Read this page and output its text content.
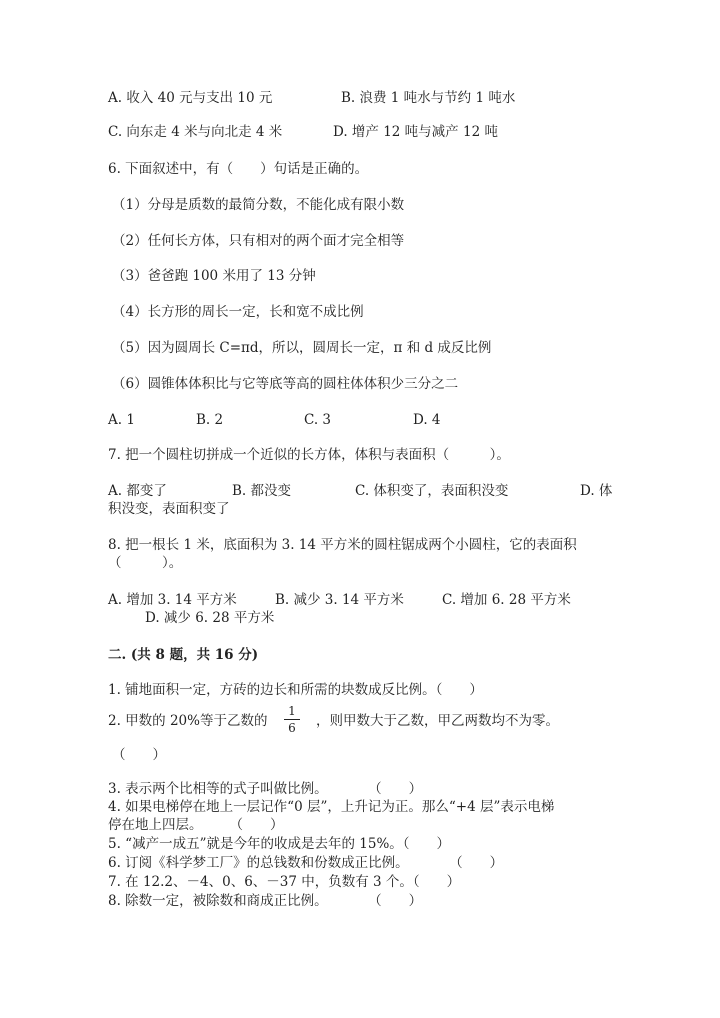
A. 收入 40 元与支出 10 元	B. 浪费 1 吨水与节约 1 吨水
C. 向东走 4 米与向北走 4 米	D. 增产 12 吨与减产 12 吨
6. 下面叙述中，有（　　）句话是正确的。
（1）分母是质数的最简分数，不能化成有限小数
（2）任何长方体，只有相对的两个面才完全相等
（3）爸爸跑 100 米用了 13 分钟
（4）长方形的周长一定，长和宽不成比例
（5）因为圆周长 C=πd，所以，圆周长一定，π 和 d 成反比例
（6）圆锥体体积比与它等底等高的圆柱体体积少三分之二
A. 1	B. 2	C. 3	D. 4
7. 把一个圆柱切拼成一个近似的长方体，体积与表面积（　　　）。
A. 都变了	B. 都没变	C. 体积变了，表面积没变	D. 体
积没变，表面积变了
8. 把一根长 1 米，底面积为 3. 14 平方米的圆柱锯成两个小圆柱，它的表面积
（　　　）。
A. 增加 3. 14 平方米	B. 减少 3. 14 平方米	C. 增加 6. 28 平方米
D. 减少 6. 28 平方米
二. (共 8 题，共 16 分)
1. 铺地面积一定，方砖的边长和所需的块数成反比例。（　　）
2. 甲数的 20%等于乙数的
1
6	，则甲数大于乙数，甲乙两数均不为零。
（　　）
3. 表示两个比相等的式子叫做比例。　　　　（　　）
4. 如果电梯停在地上一层记作“0 层”，上升记为正。那么“+4 层”表示电梯
停在地上四层。　　　（　　）
5. “减产一成五”就是今年的收成是去年的 15%。（　　）
6. 订阅《科学梦工厂》的总钱数和份数成正比例。　　　　（　　）
7. 在 12.2、－4、0、6、－37 中，负数有 3 个。（　　）
8. 除数一定，被除数和商成正比例。　　　　（　　）
